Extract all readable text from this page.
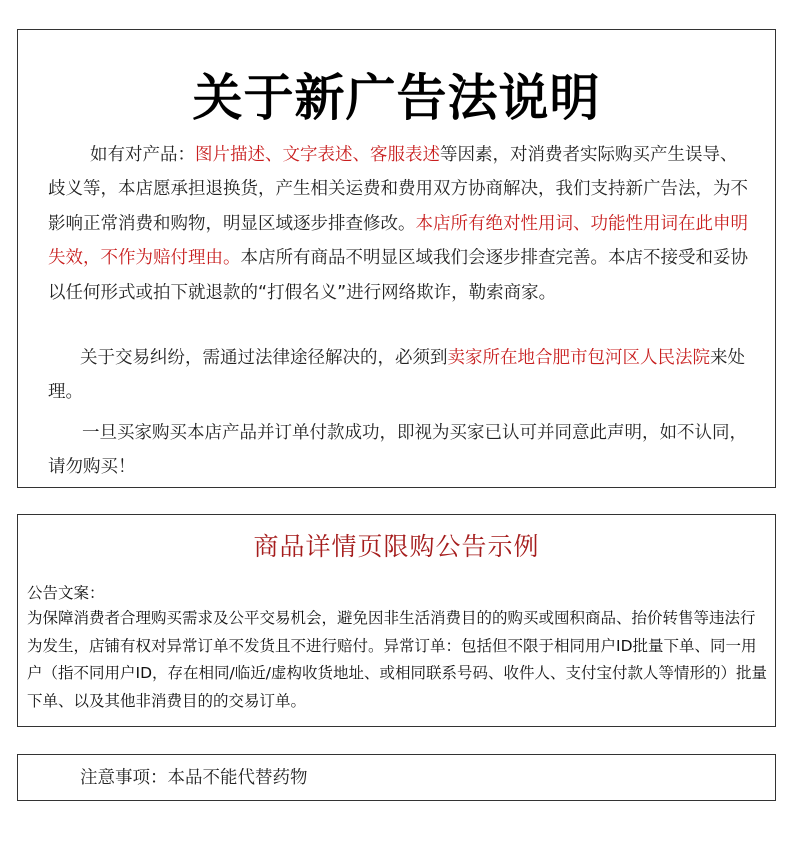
关于新广告法说明

如有对产品：图片描述、文字表述、客服表述等因素，对消费者实际购买产生误导、歧义等，本店愿承担退换货，产生相关运费和费用双方协商解决，我们支持新广告法，为不影响正常消费和购物，明显区域逐步排查修改。本店所有绝对性用词、功能性用词在此申明失效，不作为赔付理由。本店所有商品不明显区域我们会逐步排查完善。本店不接受和妥协以任何形式或拍下就退款的“打假名义”进行网络欺诈，勒索商家。

关于交易纠纷，需通过法律途径解决的，必须到卖家所在地合肥市包河区人民法院来处理。

一旦买家购买本店产品并订单付款成功，即视为买家已认可并同意此声明，如不认同，请勿购买！

商品详情页限购公告示例
公告文案：

为保障消费者合理购买需求及公平交易机会，避免因非生活消费目的的购买或囤积商品、抬价转售等违法行为发生，店铺有权对异常订单不发货且不进行赔付。异常订单：包括但不限于相同用户ID批量下单、同一用户（指不同用户ID，存在相同/临近/虚构收货地址、或相同联系号码、收件人、支付宝付款人等情形的）批量下单、以及其他非消费目的的交易订单。

注意事项：本品不能代替药物
